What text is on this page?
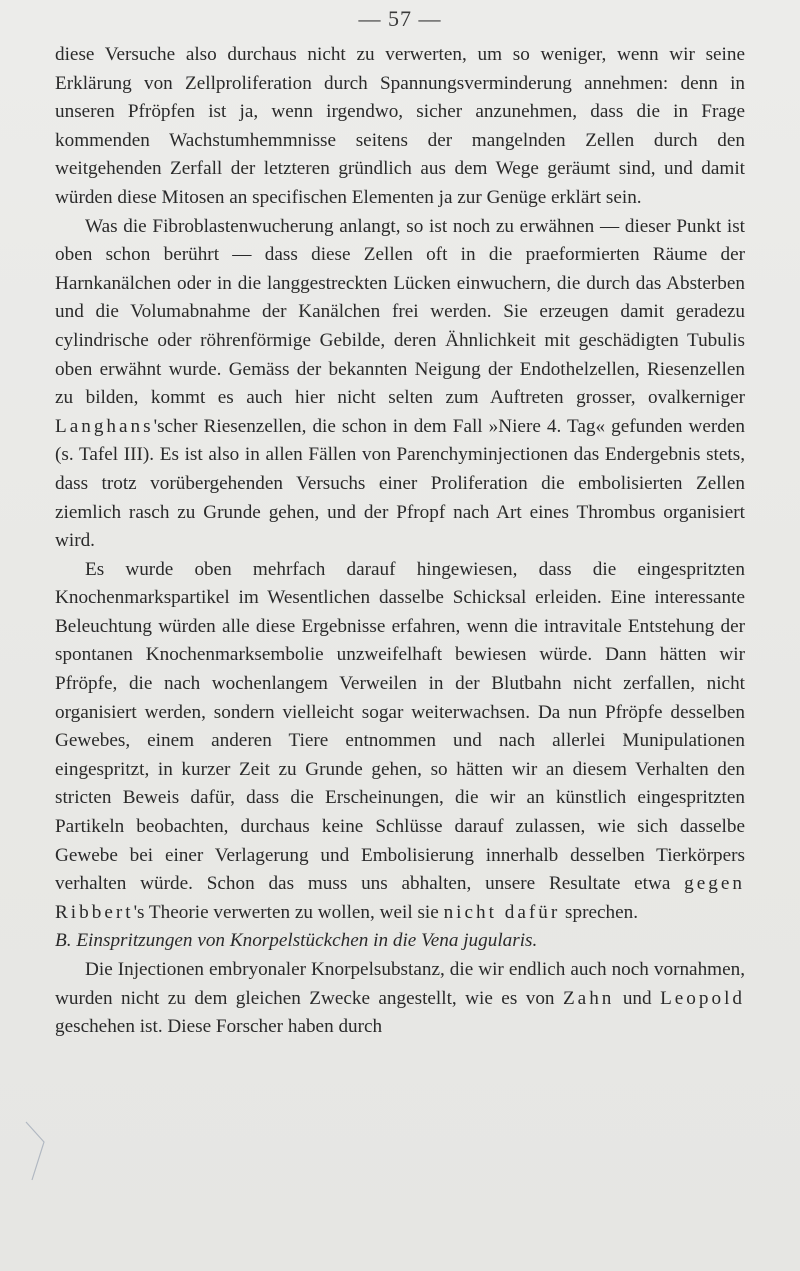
— 57 —

diese Versuche also durchaus nicht zu verwerten, um so weniger, wenn wir seine Erklärung von Zellproliferation durch Spannungsverminderung annehmen: denn in unseren Pfröpfen ist ja, wenn irgendwo, sicher anzunehmen, dass die in Frage kommenden Wachstumhemmnisse seitens der mangelnden Zellen durch den weitgehenden Zerfall der letzteren gründlich aus dem Wege geräumt sind, und damit würden diese Mitosen an specifischen Elementen ja zur Genüge erklärt sein.

Was die Fibroblastenwucherung anlangt, so ist noch zu erwähnen — dieser Punkt ist oben schon berührt — dass diese Zellen oft in die praeformierten Räume der Harnkanälchen oder in die langgestreckten Lücken einwuchern, die durch das Absterben und die Volumabnahme der Kanälchen frei werden. Sie erzeugen damit geradezu cylindrische oder röhrenförmige Gebilde, deren Ähnlichkeit mit geschädigten Tubulis oben erwähnt wurde. Gemäss der bekannten Neigung der Endothelzellen, Riesenzellen zu bilden, kommt es auch hier nicht selten zum Auftreten grosser, ovalkerniger Langhans'scher Riesenzellen, die schon in dem Fall »Niere 4. Tag« gefunden werden (s. Tafel III). Es ist also in allen Fällen von Parenchyminjectionen das Endergebnis stets, dass trotz vorübergehenden Versuchs einer Proliferation die embolisierten Zellen ziemlich rasch zu Grunde gehen, und der Pfropf nach Art eines Thrombus organisiert wird.

Es wurde oben mehrfach darauf hingewiesen, dass die eingespritzten Knochenmarkspartikel im Wesentlichen dasselbe Schicksal erleiden. Eine interessante Beleuchtung würden alle diese Ergebnisse erfahren, wenn die intravitale Entstehung der spontanen Knochenmarksembolie unzweifelhaft bewiesen würde. Dann hätten wir Pfröpfe, die nach wochenlangem Verweilen in der Blutbahn nicht zerfallen, nicht organisiert werden, sondern vielleicht sogar weiterwachsen. Da nun Pfröpfe desselben Gewebes, einem anderen Tiere entnommen und nach allerlei Munipulationen eingespritzt, in kurzer Zeit zu Grunde gehen, so hätten wir an diesem Verhalten den stricten Beweis dafür, dass die Erscheinungen, die wir an künstlich eingespritzten Partikeln beobachten, durchaus keine Schlüsse darauf zulassen, wie sich dasselbe Gewebe bei einer Verlagerung und Embolisierung innerhalb desselben Tierkörpers verhalten würde. Schon das muss uns abhalten, unsere Resultate etwa gegen Ribbert's Theorie verwerten zu wollen, weil sie nicht dafür sprechen.

B. Einspritzungen von Knorpelstückchen in die Vena jugularis.

Die Injectionen embryonaler Knorpelsubstanz, die wir endlich auch noch vornahmen, wurden nicht zu dem gleichen Zwecke angestellt, wie es von Zahn und Leopold geschehen ist. Diese Forscher haben durch
